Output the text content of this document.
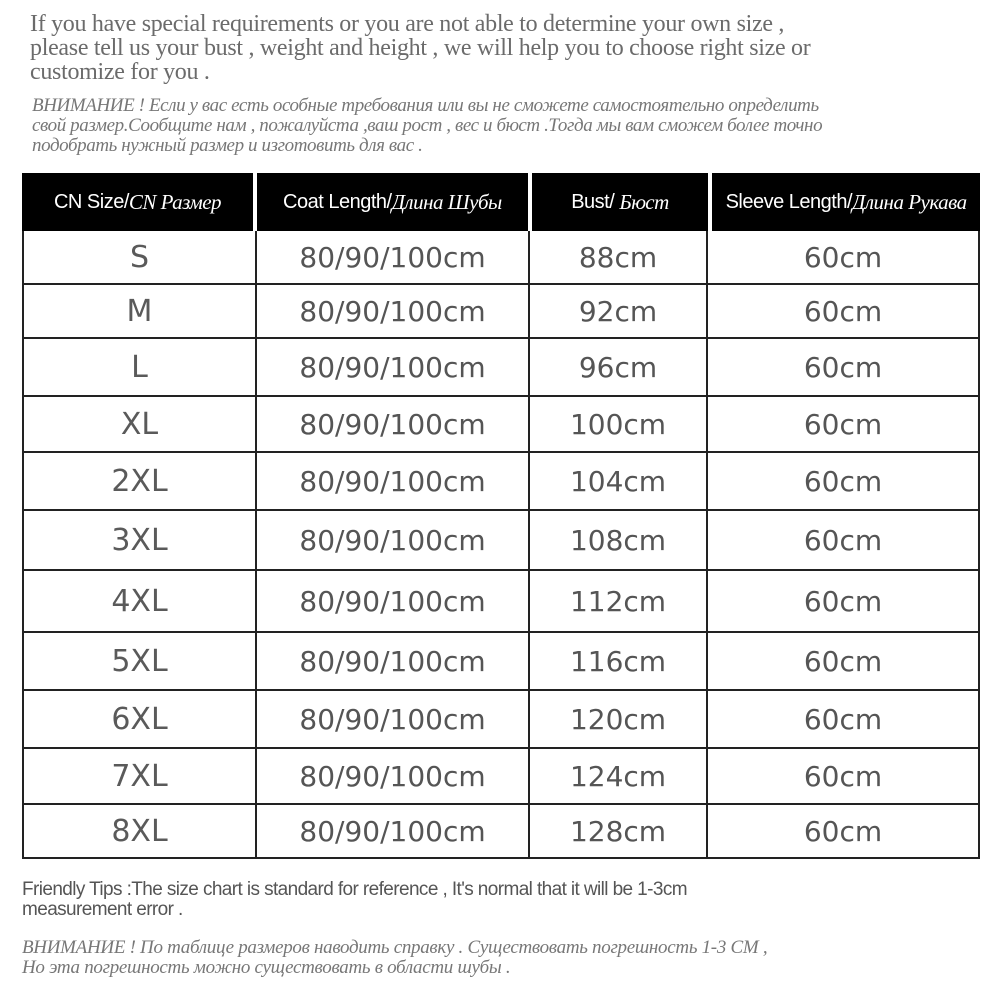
If you have special requirements or you are not able to determine your own size ,
please tell us your bust , weight and height , we will help you to choose right size or
customize for you .
ВНИМАНИЕ ! Если у вас есть особные требования или вы не сможете самостоятельно определить
свой размер.Сообщите нам , пожалуйста ,ваш рост , вес и бюст .Тогда мы вам сможем более точно
подобрать нужный размер и изготовить для вас .
CN Size/ CN Размер	Coat Length/ Длина Шубы	Bust/ Бюст	Sleeve Length/ Длина Рукава
S	80/90/100cm	88cm	60cm
M	80/90/100cm	92cm	60cm
L	80/90/100cm	96cm	60cm
XL	80/90/100cm	100cm	60cm
2XL	80/90/100cm	104cm	60cm
3XL	80/90/100cm	108cm	60cm
4XL	80/90/100cm	112cm	60cm
5XL	80/90/100cm	116cm	60cm
6XL	80/90/100cm	120cm	60cm
7XL	80/90/100cm	124cm	60cm
8XL	80/90/100cm	128cm	60cm
Friendly Tips :The size chart is standard for reference , It's normal that it will be 1-3cm
measurement error .
ВНИМАНИЕ ! По таблице размеров наводить справку . Существовать погрешность 1-3 СМ ,
Но эта погрешность можно существовать в области шубы .
